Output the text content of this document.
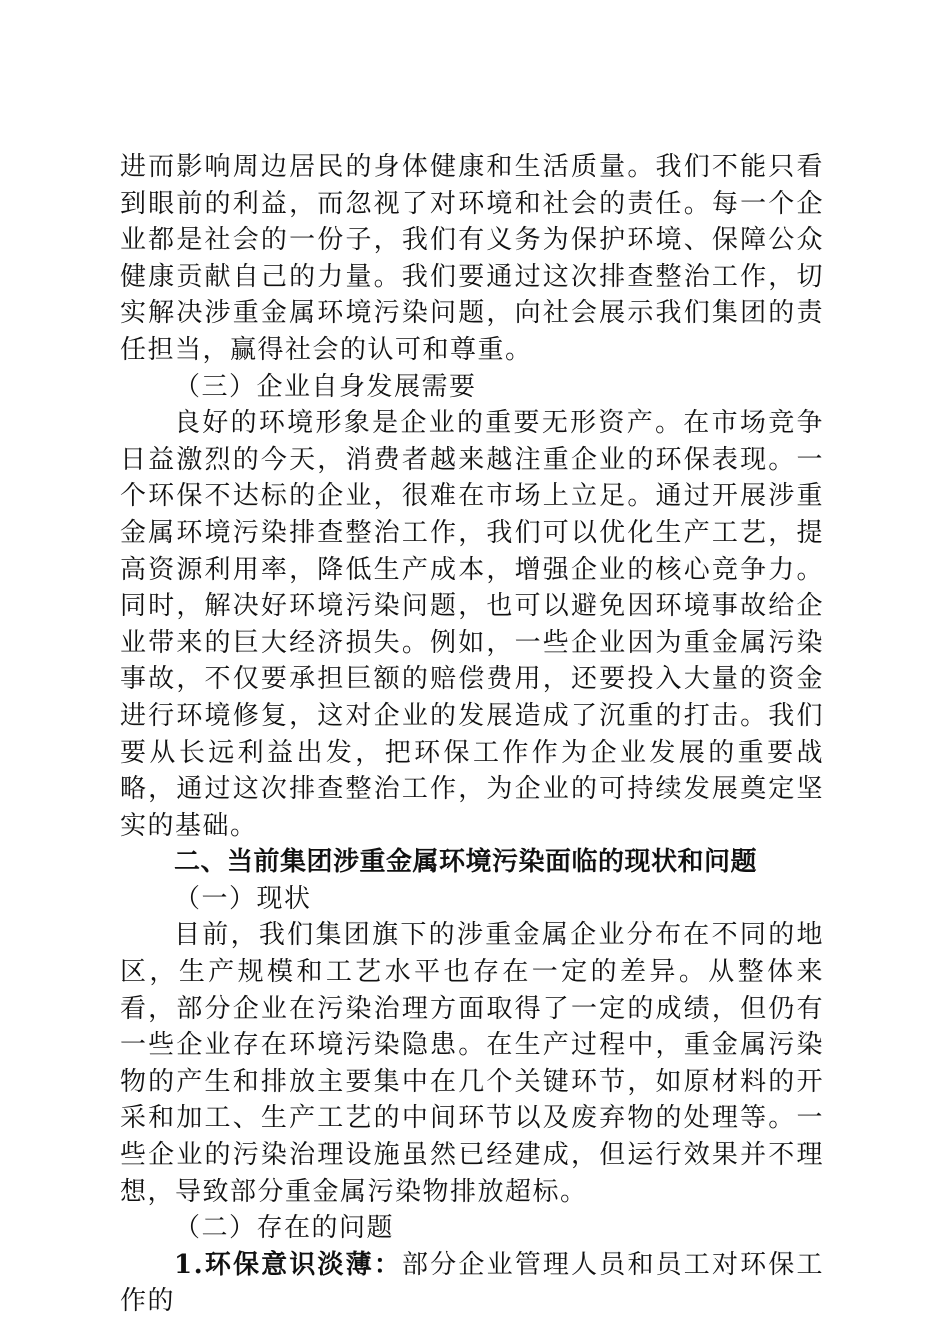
进而影响周边居民的身体健康和生活质量。我们不能只看到眼前的利益，而忽视了对环境和社会的责任。每一个企业都是社会的一份子，我们有义务为保护环境、保障公众健康贡献自己的力量。我们要通过这次排查整治工作，切实解决涉重金属环境污染问题，向社会展示我们集团的责任担当，赢得社会的认可和尊重。

（三）企业自身发展需要

良好的环境形象是企业的重要无形资产。在市场竞争日益激烈的今天，消费者越来越注重企业的环保表现。一个环保不达标的企业，很难在市场上立足。通过开展涉重金属环境污染排查整治工作，我们可以优化生产工艺，提高资源利用率，降低生产成本，增强企业的核心竞争力。同时，解决好环境污染问题，也可以避免因环境事故给企业带来的巨大经济损失。例如，一些企业因为重金属污染事故，不仅要承担巨额的赔偿费用，还要投入大量的资金进行环境修复，这对企业的发展造成了沉重的打击。我们要从长远利益出发，把环保工作作为企业发展的重要战略，通过这次排查整治工作，为企业的可持续发展奠定坚实的基础。

二、当前集团涉重金属环境污染面临的现状和问题

（一）现状

目前，我们集团旗下的涉重金属企业分布在不同的地区，生产规模和工艺水平也存在一定的差异。从整体来看，部分企业在污染治理方面取得了一定的成绩，但仍有一些企业存在环境污染隐患。在生产过程中，重金属污染物的产生和排放主要集中在几个关键环节，如原材料的开采和加工、生产工艺的中间环节以及废弃物的处理等。一些企业的污染治理设施虽然已经建成，但运行效果并不理想，导致部分重金属污染物排放超标。

（二）存在的问题

1.环保意识淡薄：部分企业管理人员和员工对环保工作的
